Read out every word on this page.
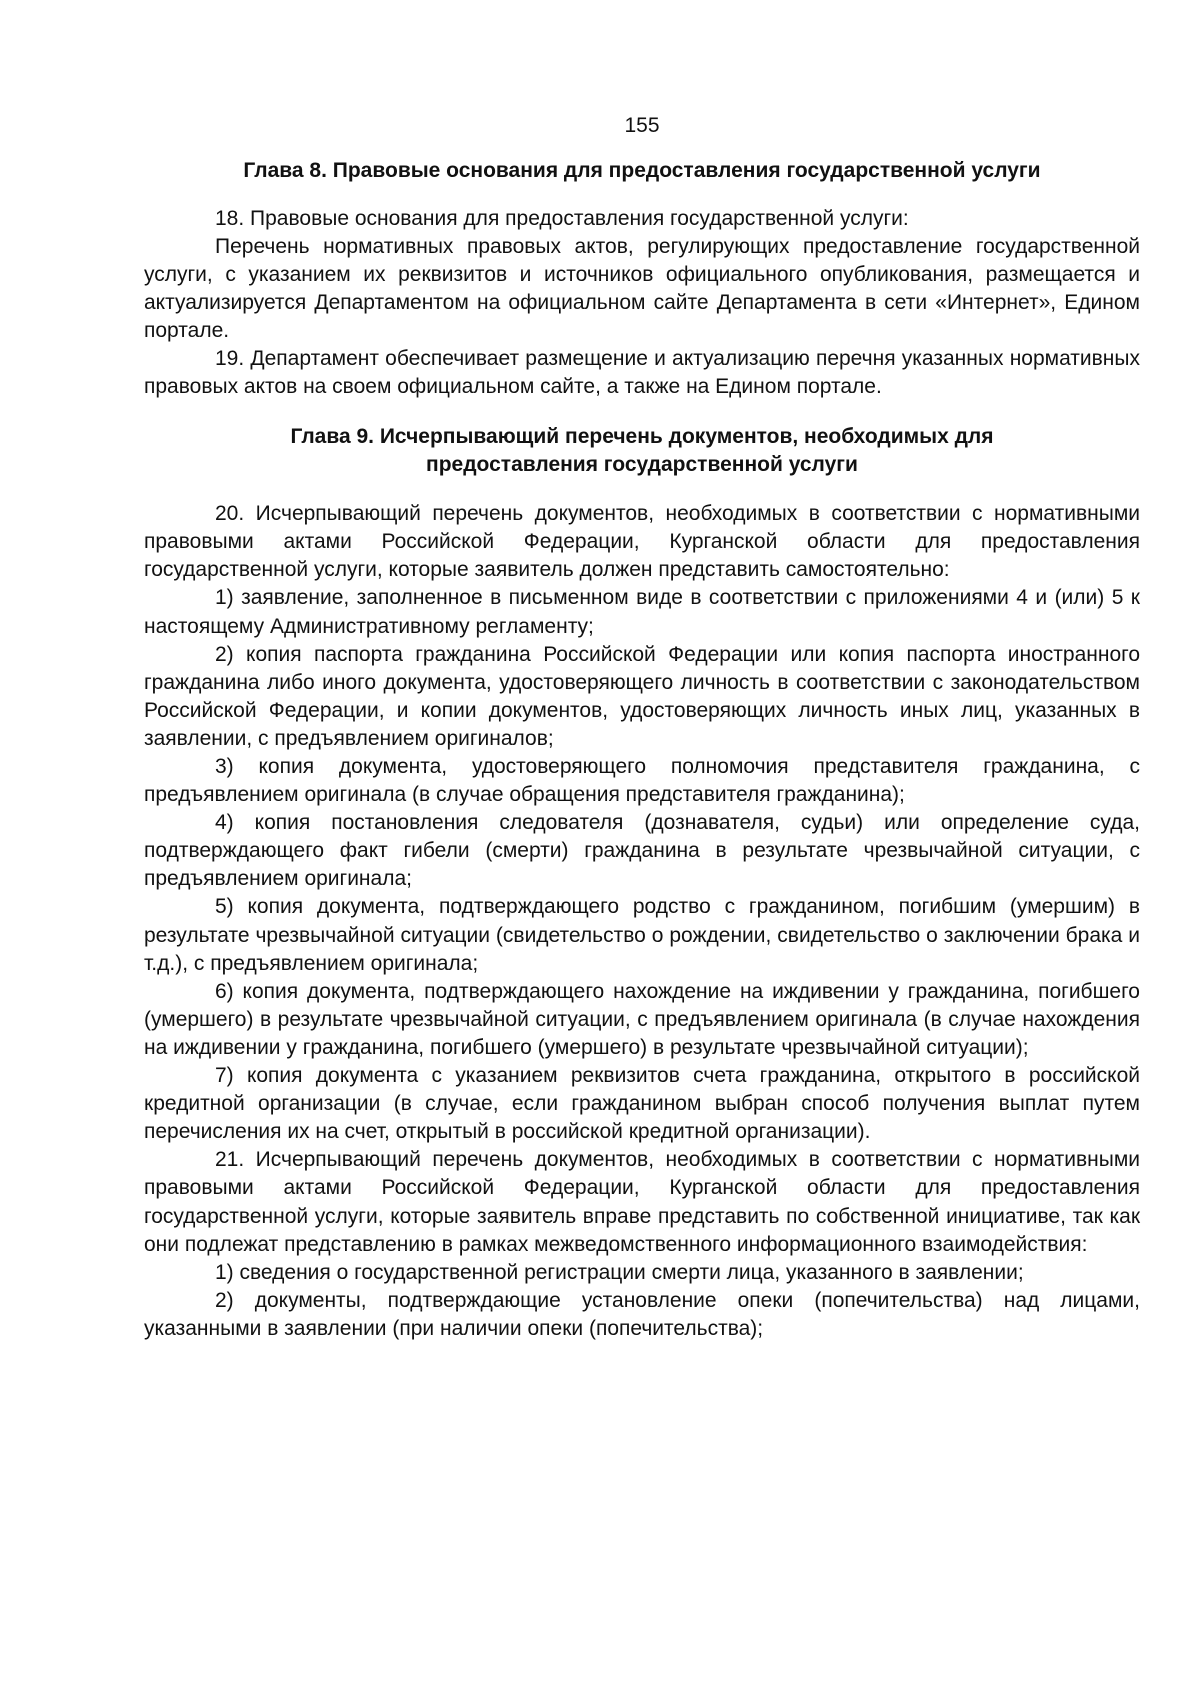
155
Глава 8. Правовые основания для предоставления государственной услуги

18. Правовые основания для предоставления государственной услуги:

Перечень нормативных правовых актов, регулирующих предоставление государственной услуги, с указанием их реквизитов и источников официального опубликования, размещается и актуализируется Департаментом на официальном сайте Департамента в сети «Интернет», Едином портале.

19. Департамент обеспечивает размещение и актуализацию перечня указанных нормативных правовых актов на своем официальном сайте, а также на Едином портале.

Глава 9. Исчерпывающий перечень документов, необходимых для
предоставления государственной услуги

20. Исчерпывающий перечень документов, необходимых в соответствии с нормативными правовыми актами Российской Федерации, Курганской области для предоставления государственной услуги, которые заявитель должен представить самостоятельно:

1) заявление, заполненное в письменном виде в соответствии с приложениями 4 и (или) 5 к настоящему Административному регламенту;

2) копия паспорта гражданина Российской Федерации или копия паспорта иностранного гражданина либо иного документа, удостоверяющего личность в соответствии с законодательством Российской Федерации, и копии документов, удостоверяющих личность иных лиц, указанных в заявлении, с предъявлением оригиналов;

3) копия документа, удостоверяющего полномочия представителя гражданина, с предъявлением оригинала (в случае обращения представителя гражданина);

4) копия постановления следователя (дознавателя, судьи) или определение суда, подтверждающего факт гибели (смерти) гражданина в результате чрезвычайной ситуации, с предъявлением оригинала;

5) копия документа, подтверждающего родство с гражданином, погибшим (умершим) в результате чрезвычайной ситуации (свидетельство о рождении, свидетельство о заключении брака и т.д.), с предъявлением оригинала;

6) копия документа, подтверждающего нахождение на иждивении у гражданина, погибшего (умершего) в результате чрезвычайной ситуации, с предъявлением оригинала (в случае нахождения на иждивении у гражданина, погибшего (умершего) в результате чрезвычайной ситуации);

7) копия документа с указанием реквизитов счета гражданина, открытого в российской кредитной организации (в случае, если гражданином выбран способ получения выплат путем перечисления их на счет, открытый в российской кредитной организации).

21. Исчерпывающий перечень документов, необходимых в соответствии с нормативными правовыми актами Российской Федерации, Курганской области для предоставления государственной услуги, которые заявитель вправе представить по собственной инициативе, так как они подлежат представлению в рамках межведомственного информационного взаимодействия:

1) сведения о государственной регистрации смерти лица, указанного в заявлении;

2) документы, подтверждающие установление опеки (попечительства) над лицами, указанными в заявлении (при наличии опеки (попечительства);
